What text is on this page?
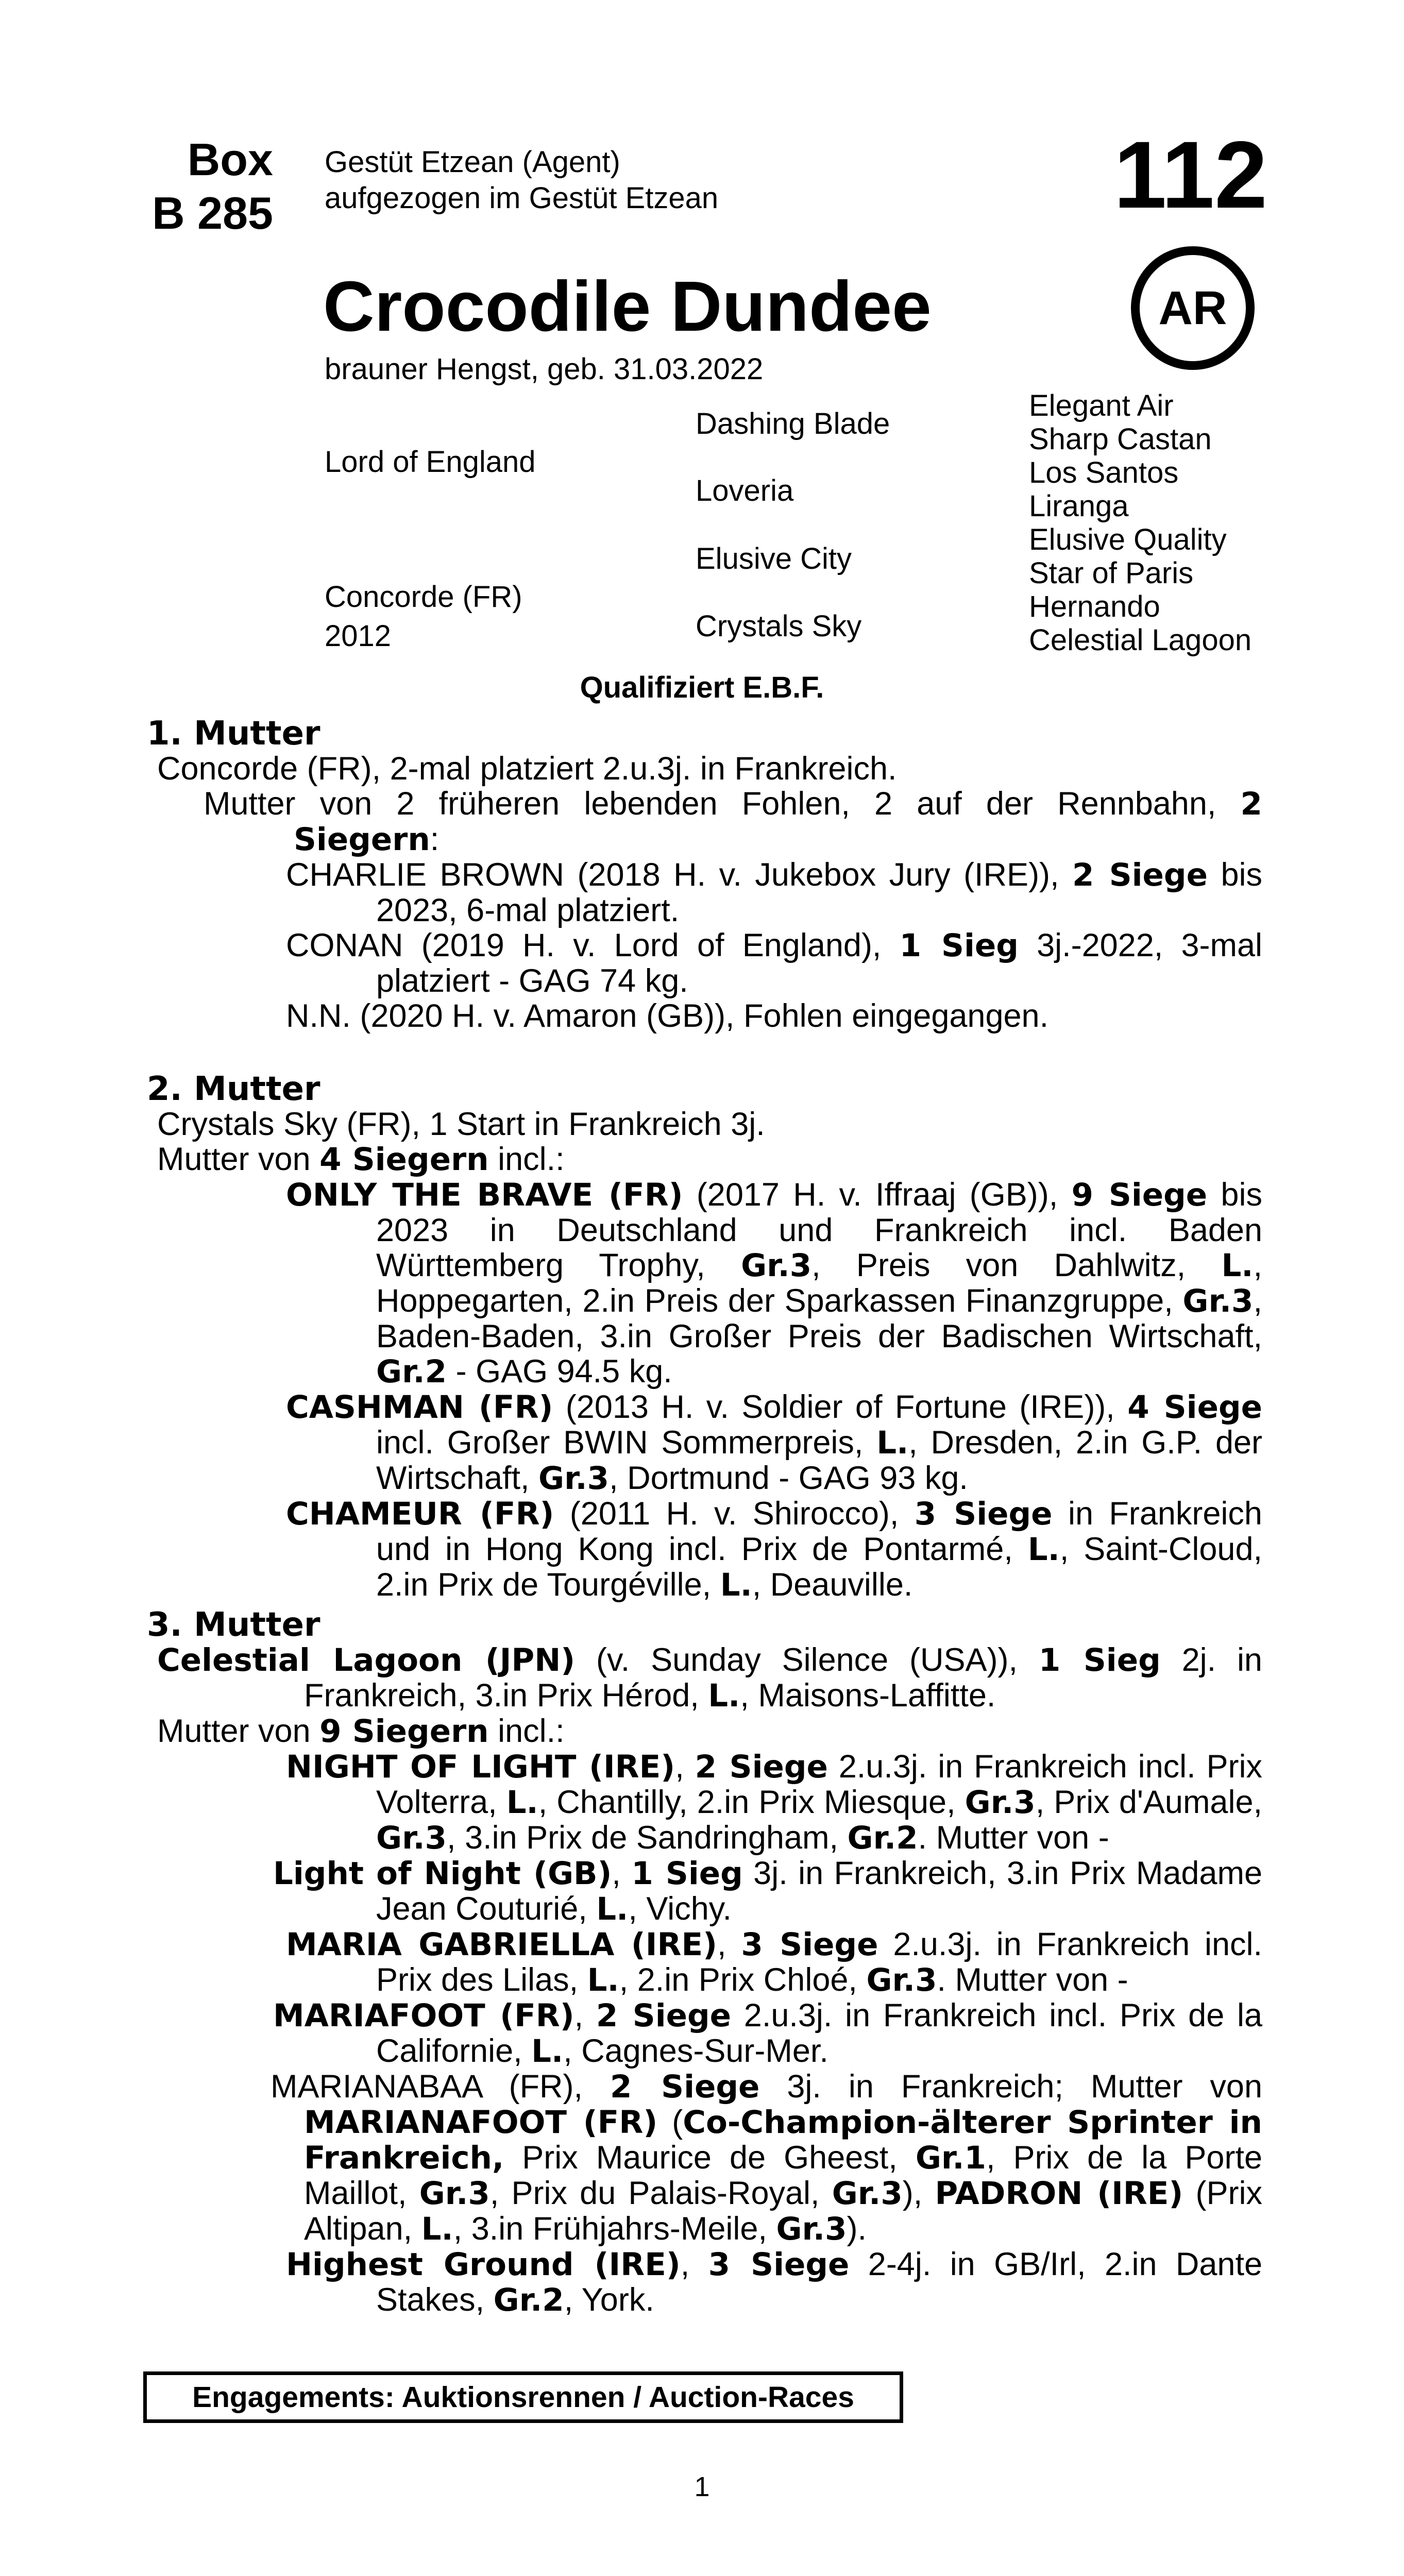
Box
B 285
Gestüt Etzean (Agent)
aufgezogen im Gestüt Etzean	112
AR
Crocodile Dundee
brauner Hengst, geb. 31.03.2022
Lord of England
Concorde (FR)
2012
Dashing Blade
Loveria
Elusive City
Crystals Sky
Elegant Air
Sharp Castan
Los Santos
Liranga
Elusive Quality
Star of Paris
Hernando
Celestial Lagoon
Qualifiziert E.B.F.
1. Mutter
Concorde (FR), 2-mal platziert 2.u.3j. in Frankreich.
Mutter von 2 früheren lebenden Fohlen, 2 auf der Rennbahn, 2 Siegern:
CHARLIE BROWN (2018 H. v. Jukebox Jury (IRE)), 2 Siege bis 2023, 6-mal platziert.
CONAN (2019 H. v. Lord of England), 1 Sieg 3j.-2022, 3-mal platziert - GAG 74 kg.
N.N. (2020 H. v. Amaron (GB)), Fohlen eingegangen.
2. Mutter
Crystals Sky (FR), 1 Start in Frankreich 3j.
Mutter von 4 Siegern incl.:
ONLY THE BRAVE (FR) (2017 H. v. Iffraaj (GB)), 9 Siege bis 2023 in Deutschland und Frankreich incl. Baden Württemberg Trophy, Gr.3, Preis von Dahlwitz, L., Hoppegarten, 2.in Preis der Sparkassen Finanzgruppe, Gr.3, Baden-Baden, 3.in Großer Preis der Badischen Wirtschaft, Gr.2 - GAG 94.5 kg.
CASHMAN (FR) (2013 H. v. Soldier of Fortune (IRE)), 4 Siege incl. Großer BWIN Sommerpreis, L., Dresden, 2.in G.P. der Wirtschaft, Gr.3, Dortmund - GAG 93 kg.
CHAMEUR (FR) (2011 H. v. Shirocco), 3 Siege in Frankreich und in Hong Kong incl. Prix de Pontarmé, L., Saint-Cloud, 2.in Prix de Tourgéville, L., Deauville.
3. Mutter
Celestial Lagoon (JPN) (v. Sunday Silence (USA)), 1 Sieg 2j. in Frankreich, 3.in Prix Hérod, L., Maisons-Laffitte.
Mutter von 9 Siegern incl.:
NIGHT OF LIGHT (IRE), 2 Siege 2.u.3j. in Frankreich incl. Prix Volterra, L., Chantilly, 2.in Prix Miesque, Gr.3, Prix d'Aumale, Gr.3, 3.in Prix de Sandringham, Gr.2. Mutter von -
Light of Night (GB), 1 Sieg 3j. in Frankreich, 3.in Prix Madame Jean Couturié, L., Vichy.
MARIA GABRIELLA (IRE), 3 Siege 2.u.3j. in Frankreich incl. Prix des Lilas, L., 2.in Prix Chloé, Gr.3. Mutter von -
MARIAFOOT (FR), 2 Siege 2.u.3j. in Frankreich incl. Prix de la Californie, L., Cagnes-Sur-Mer.
MARIANABAA (FR), 2 Siege 3j. in Frankreich; Mutter von MARIANAFOOT (FR) (Co-Champion-älterer Sprinter in Frankreich, Prix Maurice de Gheest, Gr.1, Prix de la Porte Maillot, Gr.3, Prix du Palais-Royal, Gr.3), PADRON (IRE) (Prix Altipan, L., 3.in Frühjahrs-Meile, Gr.3).
Highest Ground (IRE), 3 Siege 2-4j. in GB/Irl, 2.in Dante Stakes, Gr.2, York.
Engagements: Auktionsrennen / Auction-Races
1
